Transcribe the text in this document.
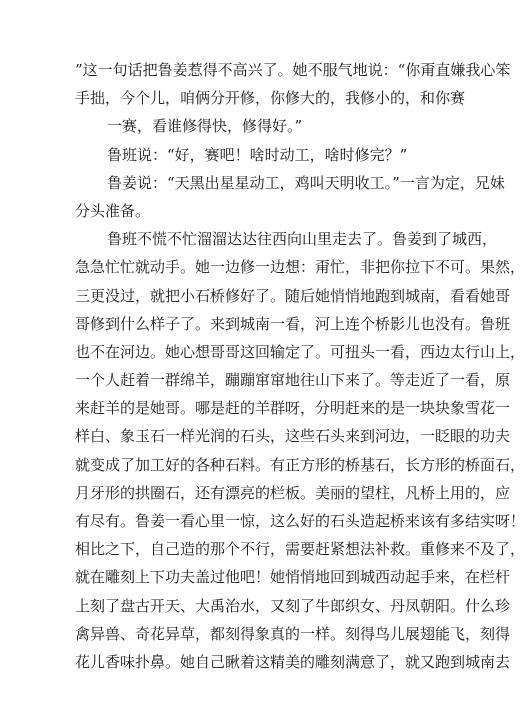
”这一句话把鲁姜惹得不高兴了。她不服气地说：“你甭直嫌我心笨
手拙，今个儿，咱俩分开修，你修大的，我修小的，和你赛
一赛，看谁修得快，修得好。”
鲁班说：“好，赛吧！啥时动工，啥时修完？”
鲁姜说：“天黑出星星动工，鸡叫天明收工。”一言为定，兄妹
分头准备。
鲁班不慌不忙溜溜达达往西向山里走去了。鲁姜到了城西，
急急忙忙就动手。她一边修一边想：甭忙，非把你拉下不可。果然，
三更没过，就把小石桥修好了。随后她悄悄地跑到城南，看看她哥
哥修到什么样子了。来到城南一看，河上连个桥影儿也没有。鲁班
也不在河边。她心想哥哥这回输定了。可扭头一看，西边太行山上，
一个人赶着一群绵羊，蹦蹦窜窜地往山下来了。等走近了一看，原
来赶羊的是她哥。哪是赶的羊群呀，分明赶来的是一块块象雪花一
样白、象玉石一样光润的石头，这些石头来到河边，一眨眼的功夫
就变成了加工好的各种石料。有正方形的桥基石，长方形的桥面石，
月牙形的拱圈石，还有漂亮的栏板。美丽的望柱，凡桥上用的，应
有尽有。鲁姜一看心里一惊，这么好的石头造起桥来该有多结实呀！
相比之下，自己造的那个不行，需要赶紧想法补救。重修来不及了，
就在雕刻上下功夫盖过他吧！她悄悄地回到城西动起手来，在栏杆
上刻了盘古开天、大禹治水，又刻了牛郎织女、丹凤朝阳。什么珍
禽异兽、奇花异草，都刻得象真的一样。刻得鸟儿展翅能飞，刻得
花儿香味扑鼻。她自己瞅着这精美的雕刻满意了，就又跑到城南去
